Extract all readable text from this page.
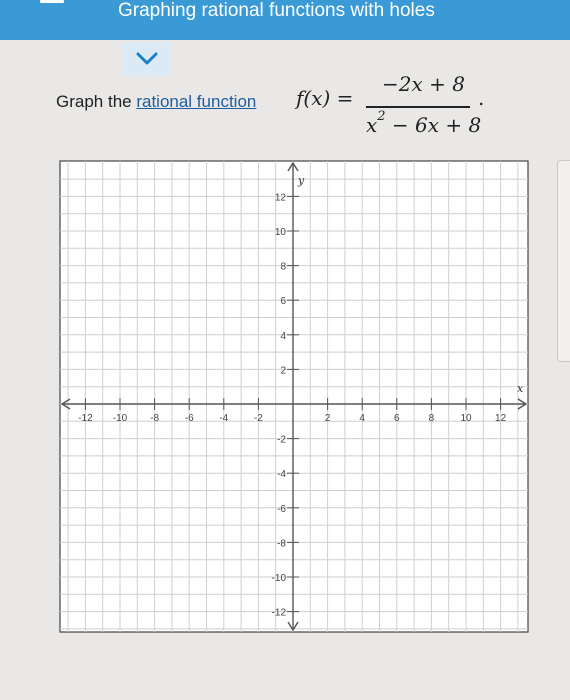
Graphing rational functions with holes
Graph the rational function f(x) =
−2x + 8
$x^2 - 6x + 8$
.
-12 -10 -8	-6	-4	-2	2	4	6	8	10 12
12
10
8
6
4
2
-2
-4
-6
-8
-10
-12
x
y
